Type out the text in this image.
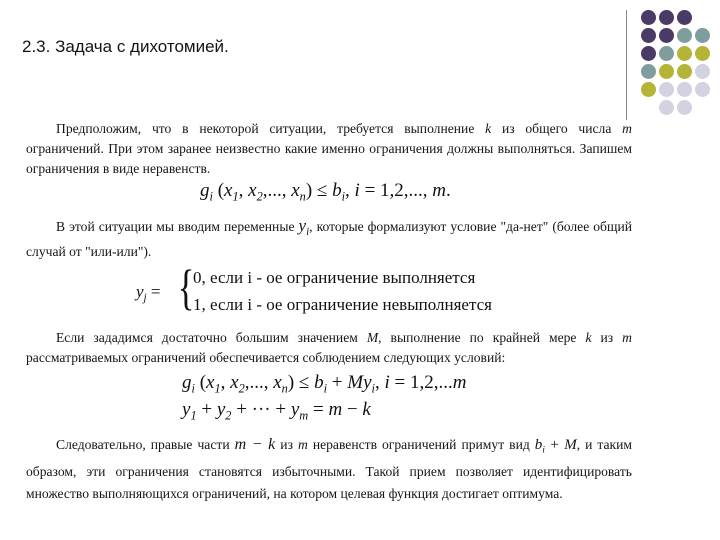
2.3. Задача с дихотомией.

Предположим, что в некоторой ситуации, требуется выполнение k из общего числа m ограничений. При этом заранее неизвестно какие именно ограничения должны выполняться. Запишем ограничения в виде неравенств.

$g_i$ ($x_1$, $x_2$,..., $x_n) \le b_i$, i = 1,2,..., m.

В этой ситуации мы вводим переменные $y_i$, которые формализуют условие "да-нет" (более общий случай от "или-или").

$y_j$ = {
0, если i - ое ограничение выполняется
1, если i - ое ограничение невыполняется

Если зададимся достаточно большим значением M, выполнение по крайней мере k из m рассматриваемых ограничений обеспечивается соблюдением следующих условий:

$g_i$ ($x_1$, $x_2$,..., $x_n) \le b_i + My_i$, i = 1,2,...m
$y_1 + y_2$ + ··· + $y_m = m - k$

Следовательно, правые части m − k из m неравенств ограничений примут вид $b_i + M$, и таким образом, эти ограничения становятся избыточными. Такой прием позволяет идентифицировать множество выполняющихся ограничений, на котором целевая функция достигает оптимума.
